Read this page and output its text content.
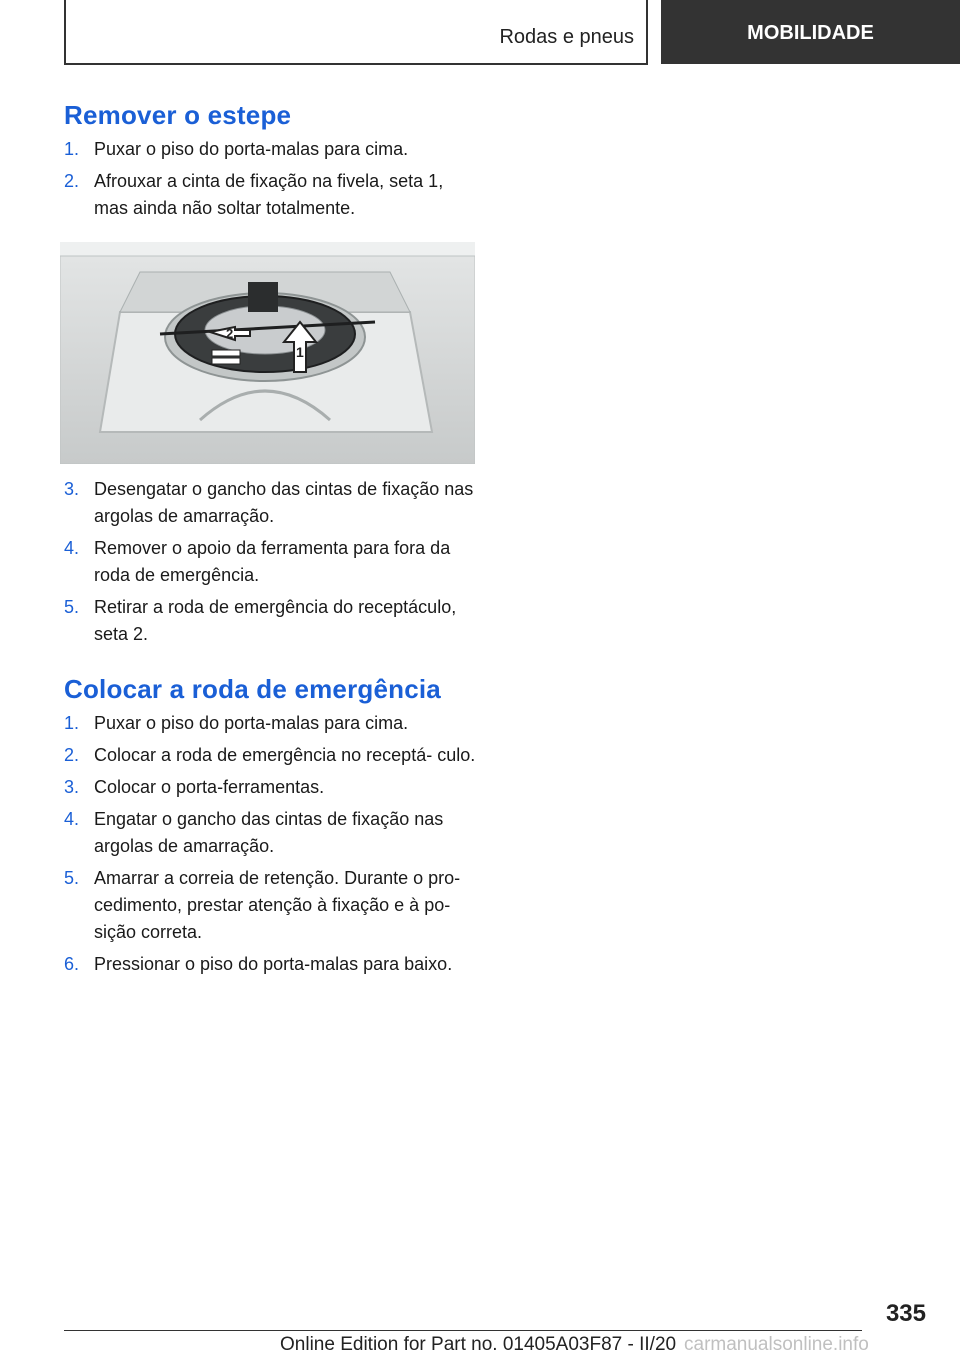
Rodas e pneus	MOBILIDADE
Remover o estepe
1. Puxar o piso do porta-malas para cima.
2. Afrouxar a cinta de fixação na fivela, seta 1, mas ainda não soltar totalmente.
2
1
3. Desengatar o gancho das cintas de fixação nas argolas de amarração.
4. Remover o apoio da ferramenta para fora da roda de emergência.
5. Retirar a roda de emergência do receptáculo, seta 2.
Colocar a roda de emergência
1. Puxar o piso do porta-malas para cima.
2. Colocar a roda de emergência no receptá‐ culo.
3. Colocar o porta-ferramentas.
4. Engatar o gancho das cintas de fixação nas argolas de amarração.
5. Amarrar a correia de retenção. Durante o pro‐ cedimento, prestar atenção à fixação e à po‐ sição correta.
6. Pressionar o piso do porta-malas para baixo.
335
Online Edition for Part no. 01405A03F87 - II/20 carmanualsonline.info
